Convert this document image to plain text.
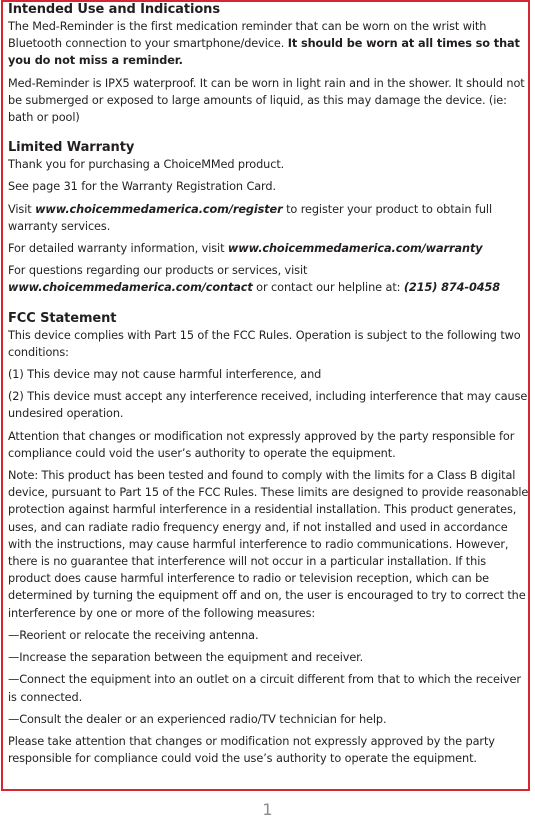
Intended Use and Indications

The Med-Reminder is the first medication reminder that can be worn on the wrist with Bluetooth connection to your smartphone/device. It should be worn at all times so that you do not miss a reminder.

Med-Reminder is IPX5 waterproof. It can be worn in light rain and in the shower. It should not be submerged or exposed to large amounts of liquid, as this may damage the device. (ie: bath or pool)

Limited Warranty

Thank you for purchasing a ChoiceMMed product.

See page 31 for the Warranty Registration Card.

Visit www.choicemmedamerica.com/register to register your product to obtain full warranty services.

For detailed warranty information, visit www.choicemmedamerica.com/warranty

For questions regarding our products or services, visit www.choicemmedamerica.com/contact or contact our helpline at: (215) 874-0458

FCC Statement

This device complies with Part 15 of the FCC Rules. Operation is subject to the following two conditions:

(1) This device may not cause harmful interference, and

(2) This device must accept any interference received, including interference that may cause undesired operation.

Attention that changes or modification not expressly approved by the party responsible for compliance could void the user’s authority to operate the equipment.

Note: This product has been tested and found to comply with the limits for a Class B digital device, pursuant to Part 15 of the FCC Rules. These limits are designed to provide reasonable protection against harmful interference in a residential installation. This product generates, uses, and can radiate radio frequency energy and, if not installed and used in accordance with the instructions, may cause harmful interference to radio communications. However, there is no guarantee that interference will not occur in a particular installation. If this product does cause harmful interference to radio or television reception, which can be determined by turning the equipment off and on, the user is encouraged to try to correct the interference by one or more of the following measures:

—Reorient or relocate the receiving antenna.

—Increase the separation between the equipment and receiver.

—Connect the equipment into an outlet on a circuit different from that to which the receiver is connected.

—Consult the dealer or an experienced radio/TV technician for help.

Please take attention that changes or modification not expressly approved by the party responsible for compliance could void the use’s authority to operate the equipment.

1
